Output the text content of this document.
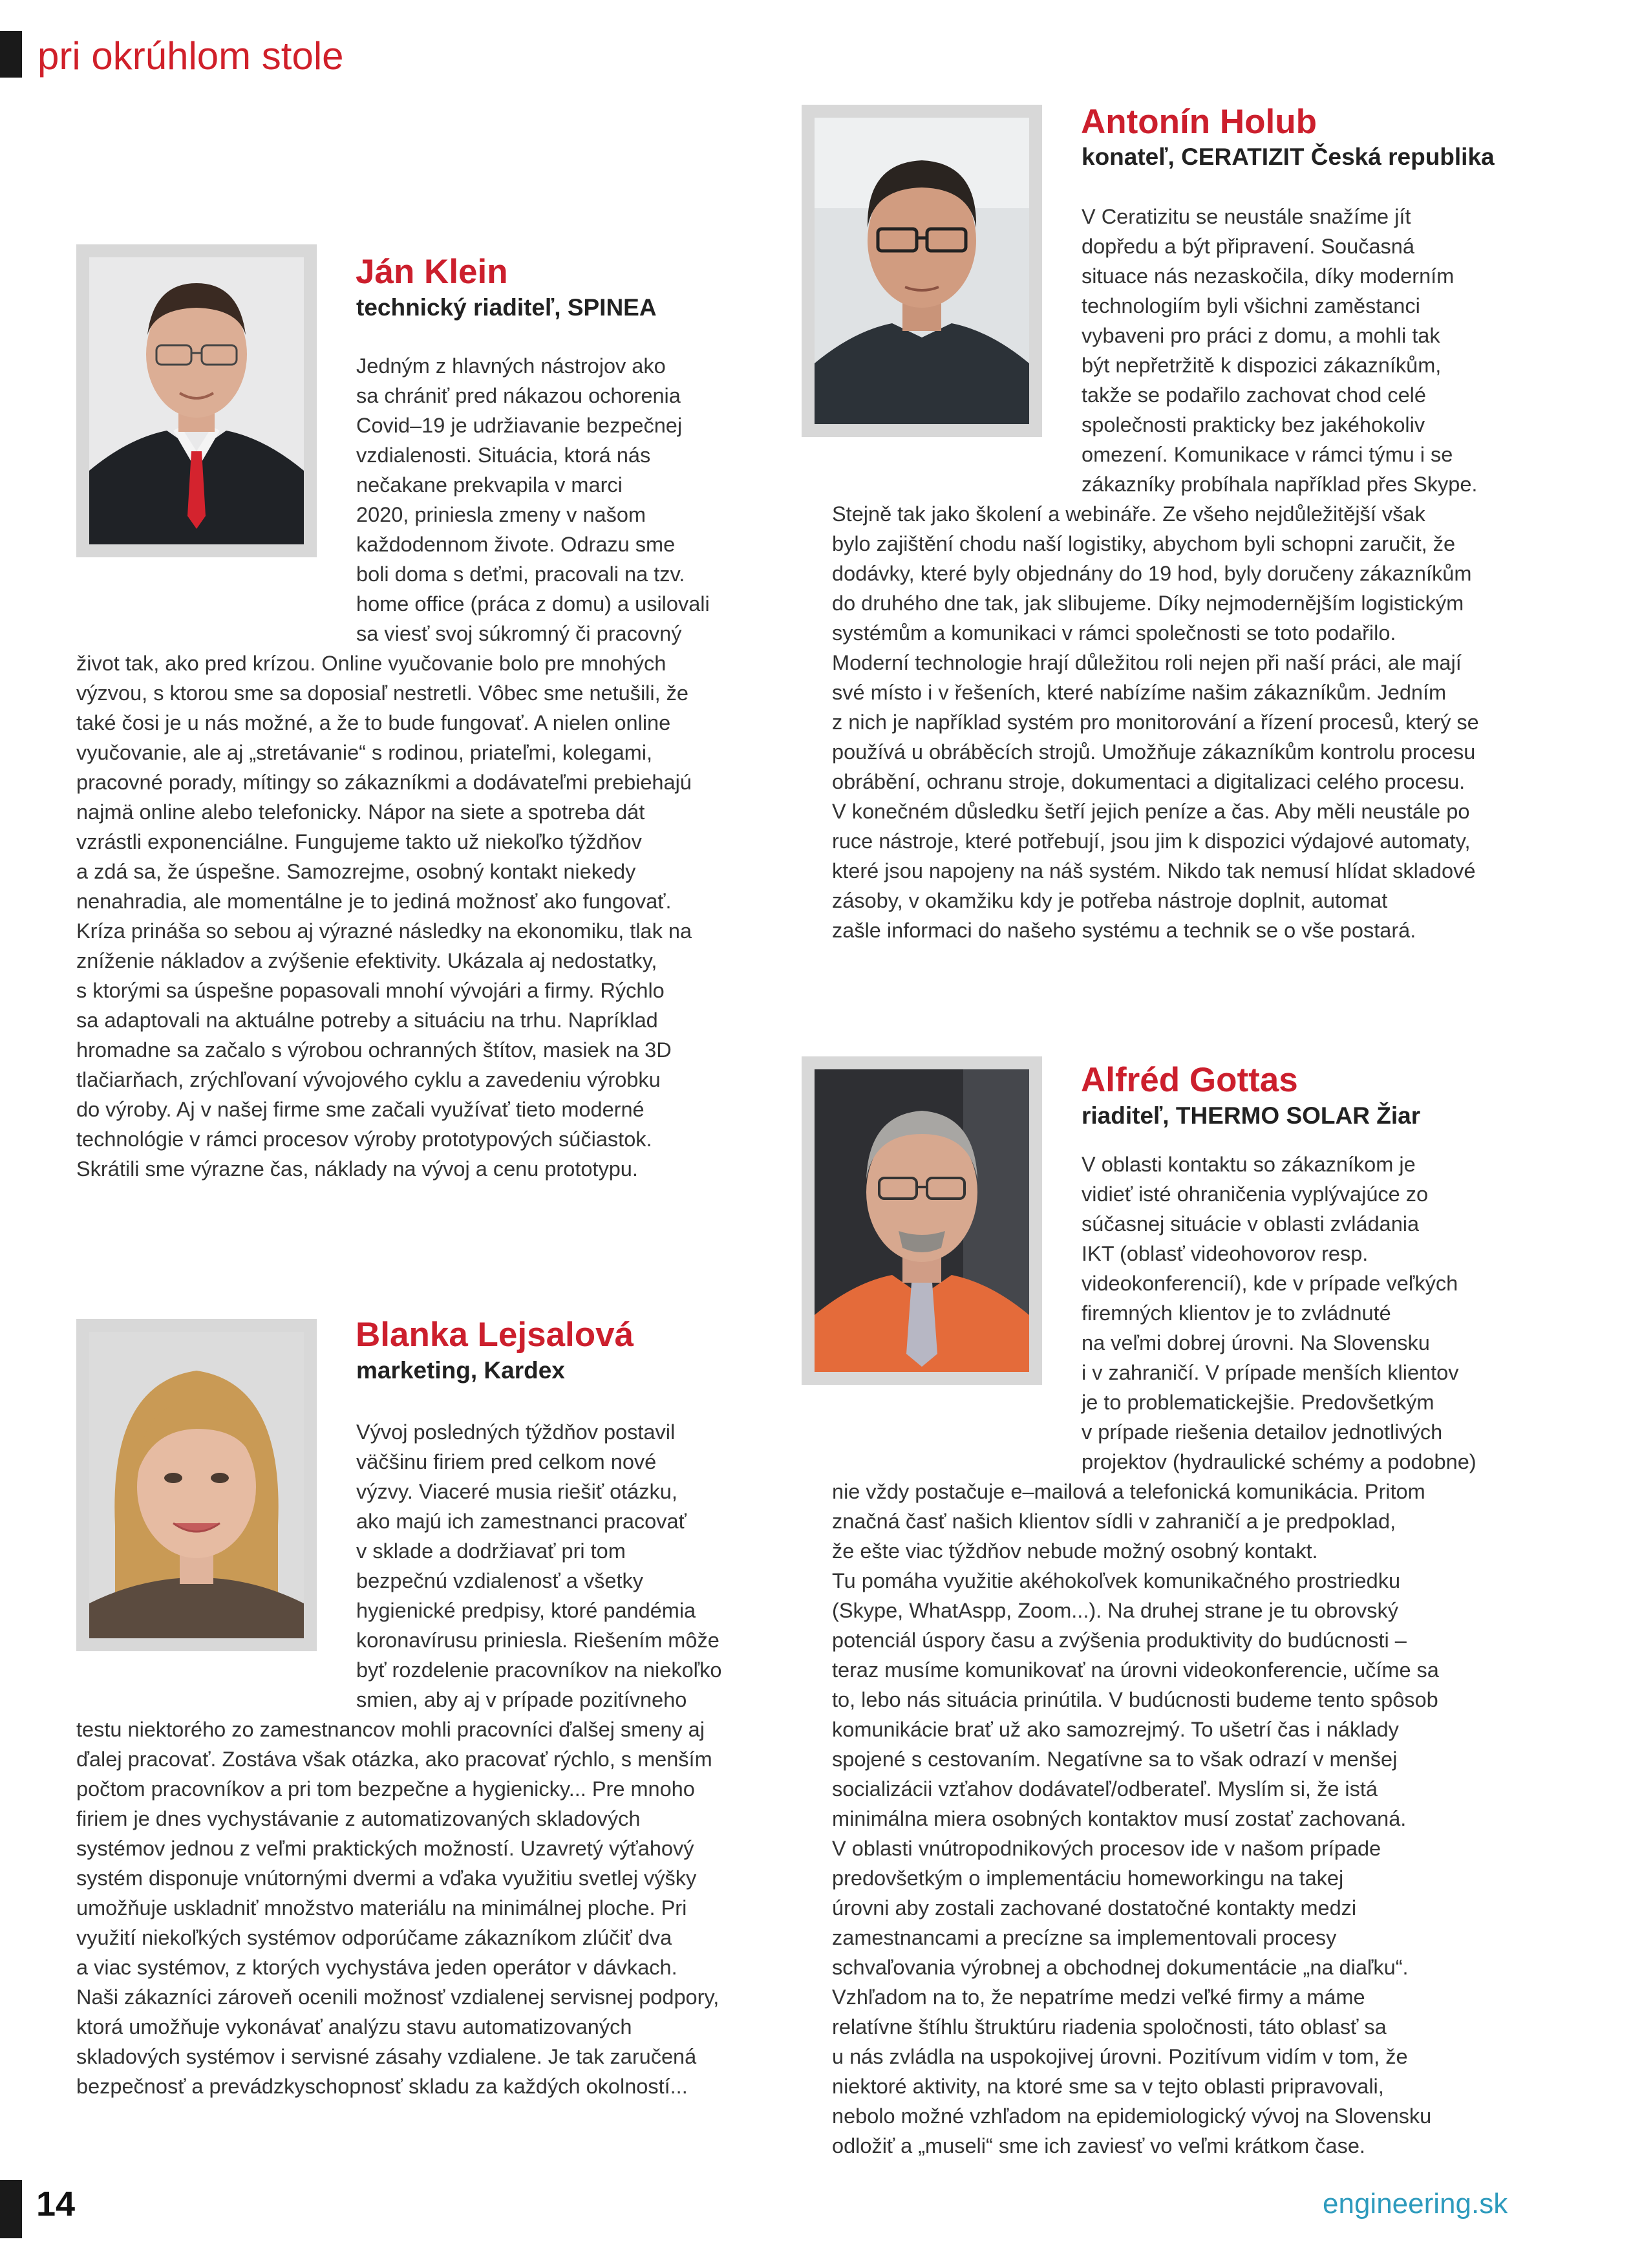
pri okrúhlom stole
14	engineering.sk
Ján Klein
technický riaditeľ, SPINEA
Jedným z hlavných nástrojov ako
sa chrániť pred nákazou ochorenia
Covid–19 je udržiavanie bezpečnej
vzdialenosti. Situácia, ktorá nás
nečakane prekvapila v marci
2020, priniesla zmeny v našom
každodennom živote. Odrazu sme
boli doma s deťmi, pracovali na tzv.
home office (práca z domu) a usilovali
sa viesť svoj súkromný či pracovný
život tak, ako pred krízou. Online vyučovanie bolo pre mnohých
výzvou, s ktorou sme sa doposiaľ nestretli. Vôbec sme netušili, že
také čosi je u nás možné, a že to bude fungovať. A nielen online
vyučovanie, ale aj „stretávanie“ s rodinou, priateľmi, kolegami,
pracovné porady, mítingy so zákazníkmi a dodávateľmi prebiehajú
najmä online alebo telefonicky. Nápor na siete a spotreba dát
vzrástli exponenciálne. Fungujeme takto už niekoľko týždňov
a zdá sa, že úspešne. Samozrejme, osobný kontakt niekedy
nenahradia, ale momentálne je to jediná možnosť ako fungovať.
Kríza prináša so sebou aj výrazné následky na ekonomiku, tlak na
zníženie nákladov a zvýšenie efektivity. Ukázala aj nedostatky,
s ktorými sa úspešne popasovali mnohí vývojári a firmy. Rýchlo
sa adaptovali na aktuálne potreby a situáciu na trhu. Napríklad
hromadne sa začalo s výrobou ochranných štítov, masiek na 3D
tlačiarňach, zrýchľovaní vývojového cyklu a zavedeniu výrobku
do výroby. Aj v našej firme sme začali využívať tieto moderné
technológie v rámci procesov výroby prototypových súčiastok.
Skrátili sme výrazne čas, náklady na vývoj a cenu prototypu.
Antonín Holub
konateľ, CERATIZIT Česká republika
V Ceratizitu se neustále snažíme jít
dopředu a být připravení. Současná
situace nás nezaskočila, díky moderním
technologiím byli všichni zaměstanci
vybaveni pro práci z domu, a mohli tak
být nepřetržitě k dispozici zákazníkům,
takže se podařilo zachovat chod celé
společnosti prakticky bez jakéhokoliv
omezení. Komunikace v rámci týmu i se
zákazníky probíhala například přes Skype.
Stejně tak jako školení a webináře. Ze všeho nejdůležitější však
bylo zajištění chodu naší logistiky, abychom byli schopni zaručit, že
dodávky, které byly objednány do 19 hod, byly doručeny zákazníkům
do druhého dne tak, jak slibujeme. Díky nejmodernějším logistickým
systémům a komunikaci v rámci společnosti se toto podařilo.
Moderní technologie hrají důležitou roli nejen při naší práci, ale mají
své místo i v řešeních, které nabízíme našim zákazníkům. Jedním
z nich je například systém pro monitorování a řízení procesů, který se
používá u obráběcích strojů. Umožňuje zákazníkům kontrolu procesu
obrábění, ochranu stroje, dokumentaci a digitalizaci celého procesu.
V konečném důsledku šetří jejich peníze a čas. Aby měli neustále po
ruce nástroje, které potřebují, jsou jim k dispozici výdajové automaty,
které jsou napojeny na náš systém. Nikdo tak nemusí hlídat skladové
zásoby, v okamžiku kdy je potřeba nástroje doplnit, automat
zašle informaci do našeho systému a technik se o vše postará.
Blanka Lejsalová
marketing, Kardex
Vývoj posledných týždňov postavil
väčšinu firiem pred celkom nové
výzvy. Viaceré musia riešiť otázku,
ako majú ich zamestnanci pracovať
v sklade a dodržiavať pri tom
bezpečnú vzdialenosť a všetky
hygienické predpisy, ktoré pandémia
koronavírusu priniesla. Riešením môže
byť rozdelenie pracovníkov na niekoľko
smien, aby aj v prípade pozitívneho
testu niektorého zo zamestnancov mohli pracovníci ďalšej smeny aj
ďalej pracovať. Zostáva však otázka, ako pracovať rýchlo, s menším
počtom pracovníkov a pri tom bezpečne a hygienicky... Pre mnoho
firiem je dnes vychystávanie z automatizovaných skladových
systémov jednou z veľmi praktických možností. Uzavretý výťahový
systém disponuje vnútornými dvermi a vďaka využitiu svetlej výšky
umožňuje uskladniť množstvo materiálu na minimálnej ploche. Pri
využití niekoľkých systémov odporúčame zákazníkom zlúčiť dva
a viac systémov, z ktorých vychystáva jeden operátor v dávkach.
Naši zákazníci zároveň ocenili možnosť vzdialenej servisnej podpory,
ktorá umožňuje vykonávať analýzu stavu automatizovaných
skladových systémov i servisné zásahy vzdialene. Je tak zaručená
bezpečnosť a prevádzkyschopnosť skladu za každých okolností...
Alfréd Gottas
riaditeľ, THERMO SOLAR Žiar
V oblasti kontaktu so zákazníkom je
vidieť isté ohraničenia vyplývajúce zo
súčasnej situácie v oblasti zvládania
IKT (oblasť videohovorov resp.
videokonferencií), kde v prípade veľkých
firemných klientov je to zvládnuté
na veľmi dobrej úrovni. Na Slovensku
i v zahraničí. V prípade menších klientov
je to problematickejšie. Predovšetkým
v prípade riešenia detailov jednotlivých
projektov (hydraulické schémy a podobne)
nie vždy postačuje e–mailová a telefonická komunikácia. Pritom
značná časť našich klientov sídli v zahraničí a je predpoklad,
že ešte viac týždňov nebude možný osobný kontakt.
Tu pomáha využitie akéhokoľvek komunikačného prostriedku
(Skype, WhatAspp, Zoom...). Na druhej strane je tu obrovský
potenciál úspory času a zvýšenia produktivity do budúcnosti –
teraz musíme komunikovať na úrovni videokonferencie, učíme sa
to, lebo nás situácia prinútila. V budúcnosti budeme tento spôsob
komunikácie brať už ako samozrejmý. To ušetrí čas i náklady
spojené s cestovaním. Negatívne sa to však odrazí v menšej
socializácii vzťahov dodávateľ/odberateľ. Myslím si, že istá
minimálna miera osobných kontaktov musí zostať zachovaná.
V oblasti vnútropodnikových procesov ide v našom prípade
predovšetkým o implementáciu homeworkingu na takej
úrovni aby zostali zachované dostatočné kontakty medzi
zamestnancami a precízne sa implementovali procesy
schvaľovania výrobnej a obchodnej dokumentácie „na diaľku“.
Vzhľadom na to, že nepatríme medzi veľké firmy a máme
relatívne štíhlu štruktúru riadenia spoločnosti, táto oblasť sa
u nás zvládla na uspokojivej úrovni. Pozitívum vidím v tom, že
niektoré aktivity, na ktoré sme sa v tejto oblasti pripravovali,
nebolo možné vzhľadom na epidemiologický vývoj na Slovensku
odložiť a „museli“ sme ich zaviesť vo veľmi krátkom čase.
